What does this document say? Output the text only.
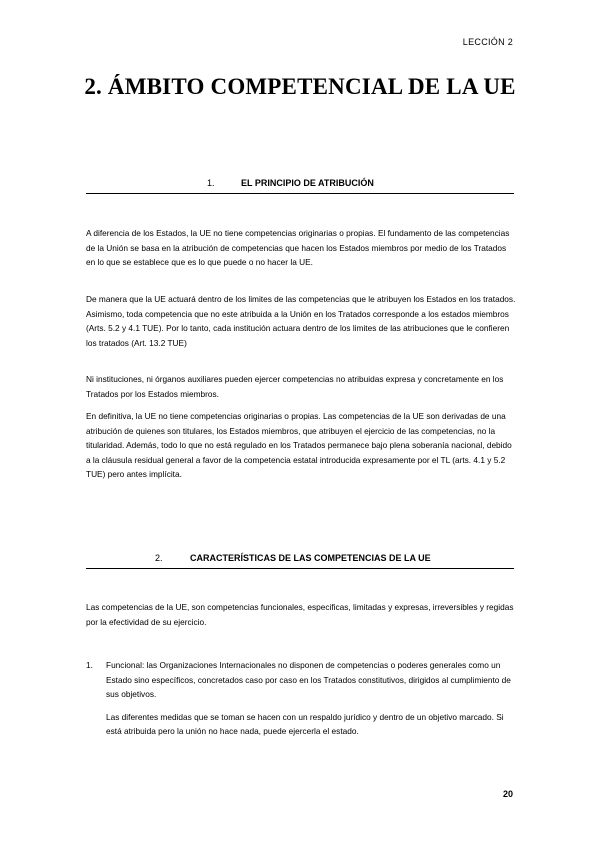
LECCIÓN 2
2. ÁMBITO COMPETENCIAL DE LA UE
1.	EL PRINCIPIO DE ATRIBUCIÓN

A diferencia de los Estados, la UE no tiene competencias originarias o propias. El fundamento de las competencias de la Unión se basa en la atribución de competencias que hacen los Estados miembros por medio de los Tratados en lo que se establece que es lo que puede o no hacer la UE.

De manera que la UE actuará dentro de los limites de las competencias que le atribuyen los Estados en los tratados. Asimismo, toda competencia que no este atribuida a la Unión en los Tratados corresponde a los estados miembros (Arts. 5.2 y 4.1 TUE). Por lo tanto, cada institución actuara dentro de los limites de las atribuciones que le confieren los tratados (Art. 13.2 TUE)

Ni instituciones, ni órganos auxiliares pueden ejercer competencias no atribuidas expresa y concretamente en los Tratados por los Estados miembros.

En definitiva, la UE no tiene competencias originarias o propias. Las competencias de la UE son derivadas de una atribución de quienes son titulares, los Estados miembros, que atribuyen el ejercicio de las competencias, no la titularidad. Además, todo lo que no está regulado en los Tratados permanece bajo plena soberanía nacional, debido a la cláusula residual general a favor de la competencia estatal introducida expresamente por el TL (arts. 4.1 y 5.2 TUE) pero antes implícita.

2.	CARACTERÍSTICAS DE LAS COMPETENCIAS DE LA UE

Las competencias de la UE, son competencias funcionales, especificas, limitadas y expresas, irreversibles y regidas por la efectividad de su ejercicio.

1. Funcional: las Organizaciones Internacionales no disponen de competencias o poderes generales como un Estado sino específicos, concretados caso por caso en los Tratados constitutivos, dirigidos al cumplimiento de sus objetivos.
Las diferentes medidas que se toman se hacen con un respaldo jurídico y dentro de un objetivo marcado. Si está atribuida pero la unión no hace nada, puede ejercerla el estado.
20
